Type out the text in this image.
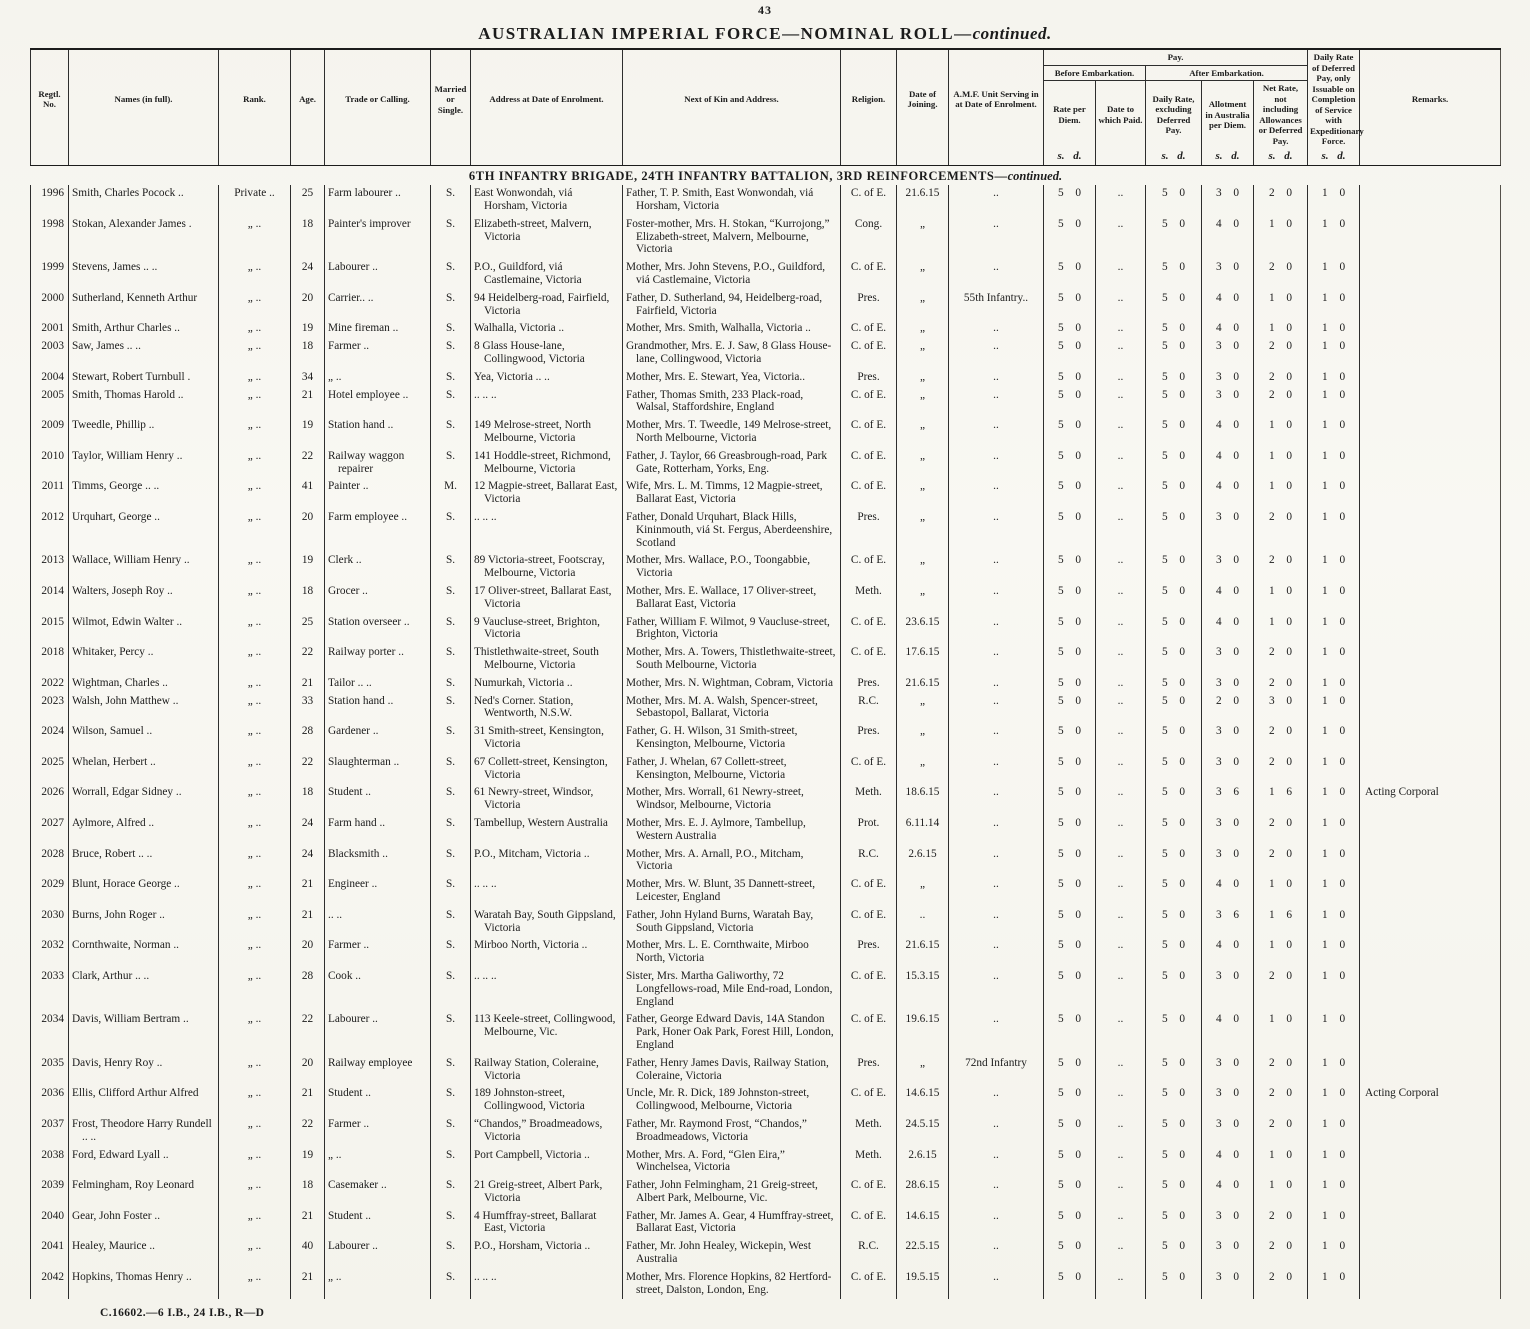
43
AUSTRALIAN IMPERIAL FORCE—NOMINAL ROLL—continued.
Regtl. No.	Names (in full).	Rank.	Age.	Trade or Calling.	Married or Single.	Address at Date of Enrolment.	Next of Kin and Address.	Religion.	Date of Joining.	A.M.F. Unit Serving in at Date of Enrolment.	Pay.					Daily Rate of Deferred Pay, only Issuable on Completion of Service with Expeditionary Force.	Remarks.
											Before Embarkation.		After Embarkation.				
											Rate per Diem.	Date to which Paid.	Daily Rate, excluding Deferred Pay.	Allotment in Australia per Diem.	Net Rate, not including Allowances or Deferred Pay.		
											s. d.		s. d.	s. d.	s. d.	s. d.	
6TH INFANTRY BRIGADE, 24TH INFANTRY BATTALION, 3RD REINFORCEMENTS—continued.																	

1996	Smith, Charles Pocock ..	Private ..	25	Farm labourer ..	S.	East Wonwondah, viá Horsham, Victoria	Father, T. P. Smith, East Wonwondah, viá Horsham, Victoria	C. of E.	21.6.15	..	5 0	..	5 0	3 0	2 0	1 0	

1998	Stokan, Alexander James .	„ ..	18	Painter's improver	S.	Elizabeth-street, Malvern, Victoria	Foster-mother, Mrs. H. Stokan, “Kurrojong,” Elizabeth-street, Malvern, Melbourne, Victoria	Cong.	„	..	5 0	..	5 0	4 0	1 0	1 0	

1999	Stevens, James .. ..	„ ..	24	Labourer ..	S.	P.O., Guildford, viá Castlemaine, Victoria	Mother, Mrs. John Stevens, P.O., Guildford, viá Castlemaine, Victoria	C. of E.	„	..	5 0	..	5 0	3 0	2 0	1 0	

2000	Sutherland, Kenneth Arthur	„ ..	20	Carrier.. ..	S.	94 Heidelberg-road, Fairfield, Victoria	Father, D. Sutherland, 94, Heidelberg-road, Fairfield, Victoria	Pres.	„	55th Infantry..	5 0	..	5 0	4 0	1 0	1 0	

2001	Smith, Arthur Charles ..	„ ..	19	Mine fireman ..	S.	Walhalla, Victoria ..	Mother, Mrs. Smith, Walhalla, Victoria ..	C. of E.	„	..	5 0	..	5 0	4 0	1 0	1 0	

2003	Saw, James .. ..	„ ..	18	Farmer ..	S.	8 Glass House-lane, Collingwood, Victoria	Grandmother, Mrs. E. J. Saw, 8 Glass House-lane, Collingwood, Victoria	C. of E.	„	..	5 0	..	5 0	3 0	2 0	1 0	

2004	Stewart, Robert Turnbull .	„ ..	34	„ ..	S.	Yea, Victoria .. ..	Mother, Mrs. E. Stewart, Yea, Victoria..	Pres.	„	..	5 0	..	5 0	3 0	2 0	1 0	

2005	Smith, Thomas Harold ..	„ ..	21	Hotel employee ..	S.	.. .. ..	Father, Thomas Smith, 233 Plack-road, Walsal, Staffordshire, England	C. of E.	„	..	5 0	..	5 0	3 0	2 0	1 0	

2009	Tweedle, Phillip ..	„ ..	19	Station hand ..	S.	149 Melrose-street, North Melbourne, Victoria	Mother, Mrs. T. Tweedle, 149 Melrose-street, North Melbourne, Victoria	C. of E.	„	..	5 0	..	5 0	4 0	1 0	1 0	

2010	Taylor, William Henry ..	„ ..	22	Railway waggon repairer	S.	141 Hoddle-street, Richmond, Melbourne, Victoria	Father, J. Taylor, 66 Greasbrough-road, Park Gate, Rotterham, Yorks, Eng.	C. of E.	„	..	5 0	..	5 0	4 0	1 0	1 0	

2011	Timms, George .. ..	„ ..	41	Painter ..	M.	12 Magpie-street, Ballarat East, Victoria	Wife, Mrs. L. M. Timms, 12 Magpie-street, Ballarat East, Victoria	C. of E.	„	..	5 0	..	5 0	4 0	1 0	1 0	

2012	Urquhart, George ..	„ ..	20	Farm employee ..	S.	.. .. ..	Father, Donald Urquhart, Black Hills, Kininmouth, viá St. Fergus, Aberdeenshire, Scotland	Pres.	„	..	5 0	..	5 0	3 0	2 0	1 0	

2013	Wallace, William Henry ..	„ ..	19	Clerk ..	S.	89 Victoria-street, Footscray, Melbourne, Victoria	Mother, Mrs. Wallace, P.O., Toongabbie, Victoria	C. of E.	„	..	5 0	..	5 0	3 0	2 0	1 0	

2014	Walters, Joseph Roy ..	„ ..	18	Grocer ..	S.	17 Oliver-street, Ballarat East, Victoria	Mother, Mrs. E. Wallace, 17 Oliver-street, Ballarat East, Victoria	Meth.	„	..	5 0	..	5 0	4 0	1 0	1 0	

2015	Wilmot, Edwin Walter ..	„ ..	25	Station overseer ..	S.	9 Vaucluse-street, Brighton, Victoria	Father, William F. Wilmot, 9 Vaucluse-street, Brighton, Victoria	C. of E.	23.6.15	..	5 0	..	5 0	4 0	1 0	1 0	

2018	Whitaker, Percy ..	„ ..	22	Railway porter ..	S.	Thistlethwaite-street, South Melbourne, Victoria	Mother, Mrs. A. Towers, Thistlethwaite-street, South Melbourne, Victoria	C. of E.	17.6.15	..	5 0	..	5 0	3 0	2 0	1 0	

2022	Wightman, Charles ..	„ ..	21	Tailor .. ..	S.	Numurkah, Victoria ..	Mother, Mrs. N. Wightman, Cobram, Victoria	Pres.	21.6.15	..	5 0	..	5 0	3 0	2 0	1 0	

2023	Walsh, John Matthew ..	„ ..	33	Station hand ..	S.	Ned's Corner. Station, Wentworth, N.S.W.	Mother, Mrs. M. A. Walsh, Spencer-street, Sebastopol, Ballarat, Victoria	R.C.	„	..	5 0	..	5 0	2 0	3 0	1 0	

2024	Wilson, Samuel ..	„ ..	28	Gardener ..	S.	31 Smith-street, Kensington, Victoria	Father, G. H. Wilson, 31 Smith-street, Kensington, Melbourne, Victoria	Pres.	„	..	5 0	..	5 0	3 0	2 0	1 0	

2025	Whelan, Herbert ..	„ ..	22	Slaughterman ..	S.	67 Collett-street, Kensington, Victoria	Father, J. Whelan, 67 Collett-street, Kensington, Melbourne, Victoria	C. of E.	„	..	5 0	..	5 0	3 0	2 0	1 0	

2026	Worrall, Edgar Sidney ..	„ ..	18	Student ..	S.	61 Newry-street, Windsor, Victoria	Mother, Mrs. Worrall, 61 Newry-street, Windsor, Melbourne, Victoria	Meth.	18.6.15	..	5 0	..	5 0	3 6	1 6	1 0	Acting Corporal

2027	Aylmore, Alfred ..	„ ..	24	Farm hand ..	S.	Tambellup, Western Australia	Mother, Mrs. E. J. Aylmore, Tambellup, Western Australia	Prot.	6.11.14	..	5 0	..	5 0	3 0	2 0	1 0	

2028	Bruce, Robert .. ..	„ ..	24	Blacksmith ..	S.	P.O., Mitcham, Victoria ..	Mother, Mrs. A. Arnall, P.O., Mitcham, Victoria	R.C.	2.6.15	..	5 0	..	5 0	3 0	2 0	1 0	

2029	Blunt, Horace George ..	„ ..	21	Engineer ..	S.	.. .. ..	Mother, Mrs. W. Blunt, 35 Dannett-street, Leicester, England	C. of E.	„	..	5 0	..	5 0	4 0	1 0	1 0	

2030	Burns, John Roger ..	„ ..	21	.. ..	S.	Waratah Bay, South Gippsland, Victoria	Father, John Hyland Burns, Waratah Bay, South Gippsland, Victoria	C. of E.	..	..	5 0	..	5 0	3 6	1 6	1 0	

2032	Cornthwaite, Norman ..	„ ..	20	Farmer ..	S.	Mirboo North, Victoria ..	Mother, Mrs. L. E. Cornthwaite, Mirboo North, Victoria	Pres.	21.6.15	..	5 0	..	5 0	4 0	1 0	1 0	

2033	Clark, Arthur .. ..	„ ..	28	Cook ..	S.	.. .. ..	Sister, Mrs. Martha Galiworthy, 72 Longfellows-road, Mile End-road, London, England	C. of E.	15.3.15	..	5 0	..	5 0	3 0	2 0	1 0	

2034	Davis, William Bertram ..	„ ..	22	Labourer ..	S.	113 Keele-street, Collingwood, Melbourne, Vic.	Father, George Edward Davis, 14A Standon Park, Honer Oak Park, Forest Hill, London, England	C. of E.	19.6.15	..	5 0	..	5 0	4 0	1 0	1 0	

2035	Davis, Henry Roy ..	„ ..	20	Railway employee	S.	Railway Station, Coleraine, Victoria	Father, Henry James Davis, Railway Station, Coleraine, Victoria	Pres.	„	72nd Infantry	5 0	..	5 0	3 0	2 0	1 0	

2036	Ellis, Clifford Arthur Alfred	„ ..	21	Student ..	S.	189 Johnston-street, Collingwood, Victoria	Uncle, Mr. R. Dick, 189 Johnston-street, Collingwood, Melbourne, Victoria	C. of E.	14.6.15	..	5 0	..	5 0	3 0	2 0	1 0	Acting Corporal

2037	Frost, Theodore Harry Rundell .. ..	„ ..	22	Farmer ..	S.	“Chandos,” Broadmeadows, Victoria	Father, Mr. Raymond Frost, “Chandos,” Broadmeadows, Victoria	Meth.	24.5.15	..	5 0	..	5 0	3 0	2 0	1 0	

2038	Ford, Edward Lyall ..	„ ..	19	„ ..	S.	Port Campbell, Victoria ..	Mother, Mrs. A. Ford, “Glen Eira,” Winchelsea, Victoria	Meth.	2.6.15	..	5 0	..	5 0	4 0	1 0	1 0	

2039	Felmingham, Roy Leonard	„ ..	18	Casemaker ..	S.	21 Greig-street, Albert Park, Victoria	Father, John Felmingham, 21 Greig-street, Albert Park, Melbourne, Vic.	C. of E.	28.6.15	..	5 0	..	5 0	4 0	1 0	1 0	

2040	Gear, John Foster ..	„ ..	21	Student ..	S.	4 Humffray-street, Ballarat East, Victoria	Father, Mr. James A. Gear, 4 Humffray-street, Ballarat East, Victoria	C. of E.	14.6.15	..	5 0	..	5 0	3 0	2 0	1 0	

2041	Healey, Maurice ..	„ ..	40	Labourer ..	S.	P.O., Horsham, Victoria ..	Father, Mr. John Healey, Wickepin, West Australia	R.C.	22.5.15	..	5 0	..	5 0	3 0	2 0	1 0	

2042	Hopkins, Thomas Henry ..	„ ..	21	„ ..	S.	.. .. ..	Mother, Mrs. Florence Hopkins, 82 Hertford-street, Dalston, London, Eng.	C. of E.	19.5.15	..	5 0	..	5 0	3 0	2 0	1 0	

C.16602.—6 I.B., 24 I.B., R—D
